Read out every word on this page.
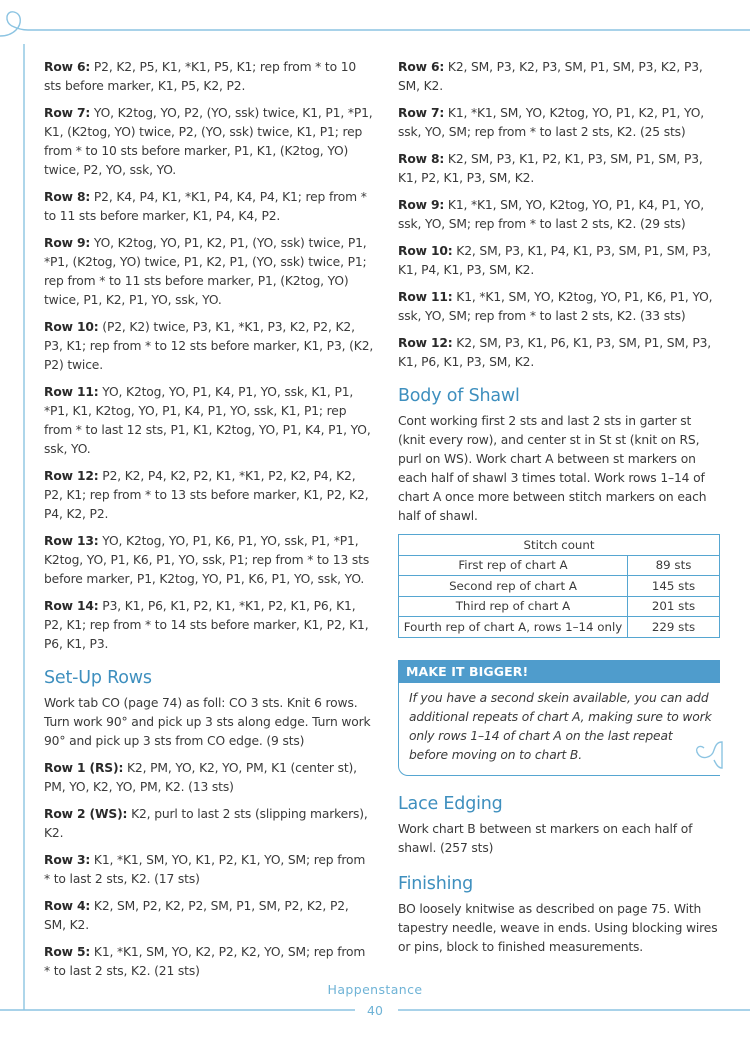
Row 6: P2, K2, P5, K1, *K1, P5, K1; rep from * to 10 sts before marker, K1, P5, K2, P2.

Row 7: YO, K2tog, YO, P2, (YO, ssk) twice, K1, P1, *P1, K1, (K2tog, YO) twice, P2, (YO, ssk) twice, K1, P1; rep from * to 10 sts before marker, P1, K1, (K2tog, YO) twice, P2, YO, ssk, YO.

Row 8: P2, K4, P4, K1, *K1, P4, K4, P4, K1; rep from * to 11 sts before marker, K1, P4, K4, P2.

Row 9: YO, K2tog, YO, P1, K2, P1, (YO, ssk) twice, P1, *P1, (K2tog, YO) twice, P1, K2, P1, (YO, ssk) twice, P1; rep from * to 11 sts before marker, P1, (K2tog, YO) twice, P1, K2, P1, YO, ssk, YO.

Row 10: (P2, K2) twice, P3, K1, *K1, P3, K2, P2, K2, P3, K1; rep from * to 12 sts before marker, K1, P3, (K2, P2) twice.

Row 11: YO, K2tog, YO, P1, K4, P1, YO, ssk, K1, P1, *P1, K1, K2tog, YO, P1, K4, P1, YO, ssk, K1, P1; rep from * to last 12 sts, P1, K1, K2tog, YO, P1, K4, P1, YO, ssk, YO.

Row 12: P2, K2, P4, K2, P2, K1, *K1, P2, K2, P4, K2, P2, K1; rep from * to 13 sts before marker, K1, P2, K2, P4, K2, P2.

Row 13: YO, K2tog, YO, P1, K6, P1, YO, ssk, P1, *P1, K2tog, YO, P1, K6, P1, YO, ssk, P1; rep from * to 13 sts before marker, P1, K2tog, YO, P1, K6, P1, YO, ssk, YO.

Row 14: P3, K1, P6, K1, P2, K1, *K1, P2, K1, P6, K1, P2, K1; rep from * to 14 sts before marker, K1, P2, K1, P6, K1, P3.

Set-Up Rows

Work tab CO (page 74) as foll: CO 3 sts. Knit 6 rows. Turn work 90° and pick up 3 sts along edge. Turn work 90° and pick up 3 sts from CO edge. (9 sts)

Row 1 (RS): K2, PM, YO, K2, YO, PM, K1 (center st), PM, YO, K2, YO, PM, K2. (13 sts)

Row 2 (WS): K2, purl to last 2 sts (slipping markers), K2.

Row 3: K1, *K1, SM, YO, K1, P2, K1, YO, SM; rep from * to last 2 sts, K2. (17 sts)

Row 4: K2, SM, P2, K2, P2, SM, P1, SM, P2, K2, P2, SM, K2.

Row 5: K1, *K1, SM, YO, K2, P2, K2, YO, SM; rep from * to last 2 sts, K2. (21 sts)

Row 6: K2, SM, P3, K2, P3, SM, P1, SM, P3, K2, P3, SM, K2.

Row 7: K1, *K1, SM, YO, K2tog, YO, P1, K2, P1, YO, ssk, YO, SM; rep from * to last 2 sts, K2. (25 sts)

Row 8: K2, SM, P3, K1, P2, K1, P3, SM, P1, SM, P3, K1, P2, K1, P3, SM, K2.

Row 9: K1, *K1, SM, YO, K2tog, YO, P1, K4, P1, YO, ssk, YO, SM; rep from * to last 2 sts, K2. (29 sts)

Row 10: K2, SM, P3, K1, P4, K1, P3, SM, P1, SM, P3, K1, P4, K1, P3, SM, K2.

Row 11: K1, *K1, SM, YO, K2tog, YO, P1, K6, P1, YO, ssk, YO, SM; rep from * to last 2 sts, K2. (33 sts)

Row 12: K2, SM, P3, K1, P6, K1, P3, SM, P1, SM, P3, K1, P6, K1, P3, SM, K2.

Body of Shawl

Cont working first 2 sts and last 2 sts in garter st (knit every row), and center st in St st (knit on RS, purl on WS). Work chart A between st markers on each half of shawl 3 times total. Work rows 1–14 of chart A once more between stitch markers on each half of shawl.

Stitch count	
First rep of chart A	89 sts
Second rep of chart A	145 sts
Third rep of chart A	201 sts
Fourth rep of chart A, rows 1–14 only	229 sts
MAKE IT BIGGER!
If you have a second skein available, you can add additional repeats of chart A, making sure to work only rows 1–14 of chart A on the last repeat before moving on to chart B.
Lace Edging

Work chart B between st markers on each half of shawl. (257 sts)

Finishing

BO loosely knitwise as described on page 75. With tapestry needle, weave in ends. Using blocking wires or pins, block to finished measurements.

Happenstance
40
